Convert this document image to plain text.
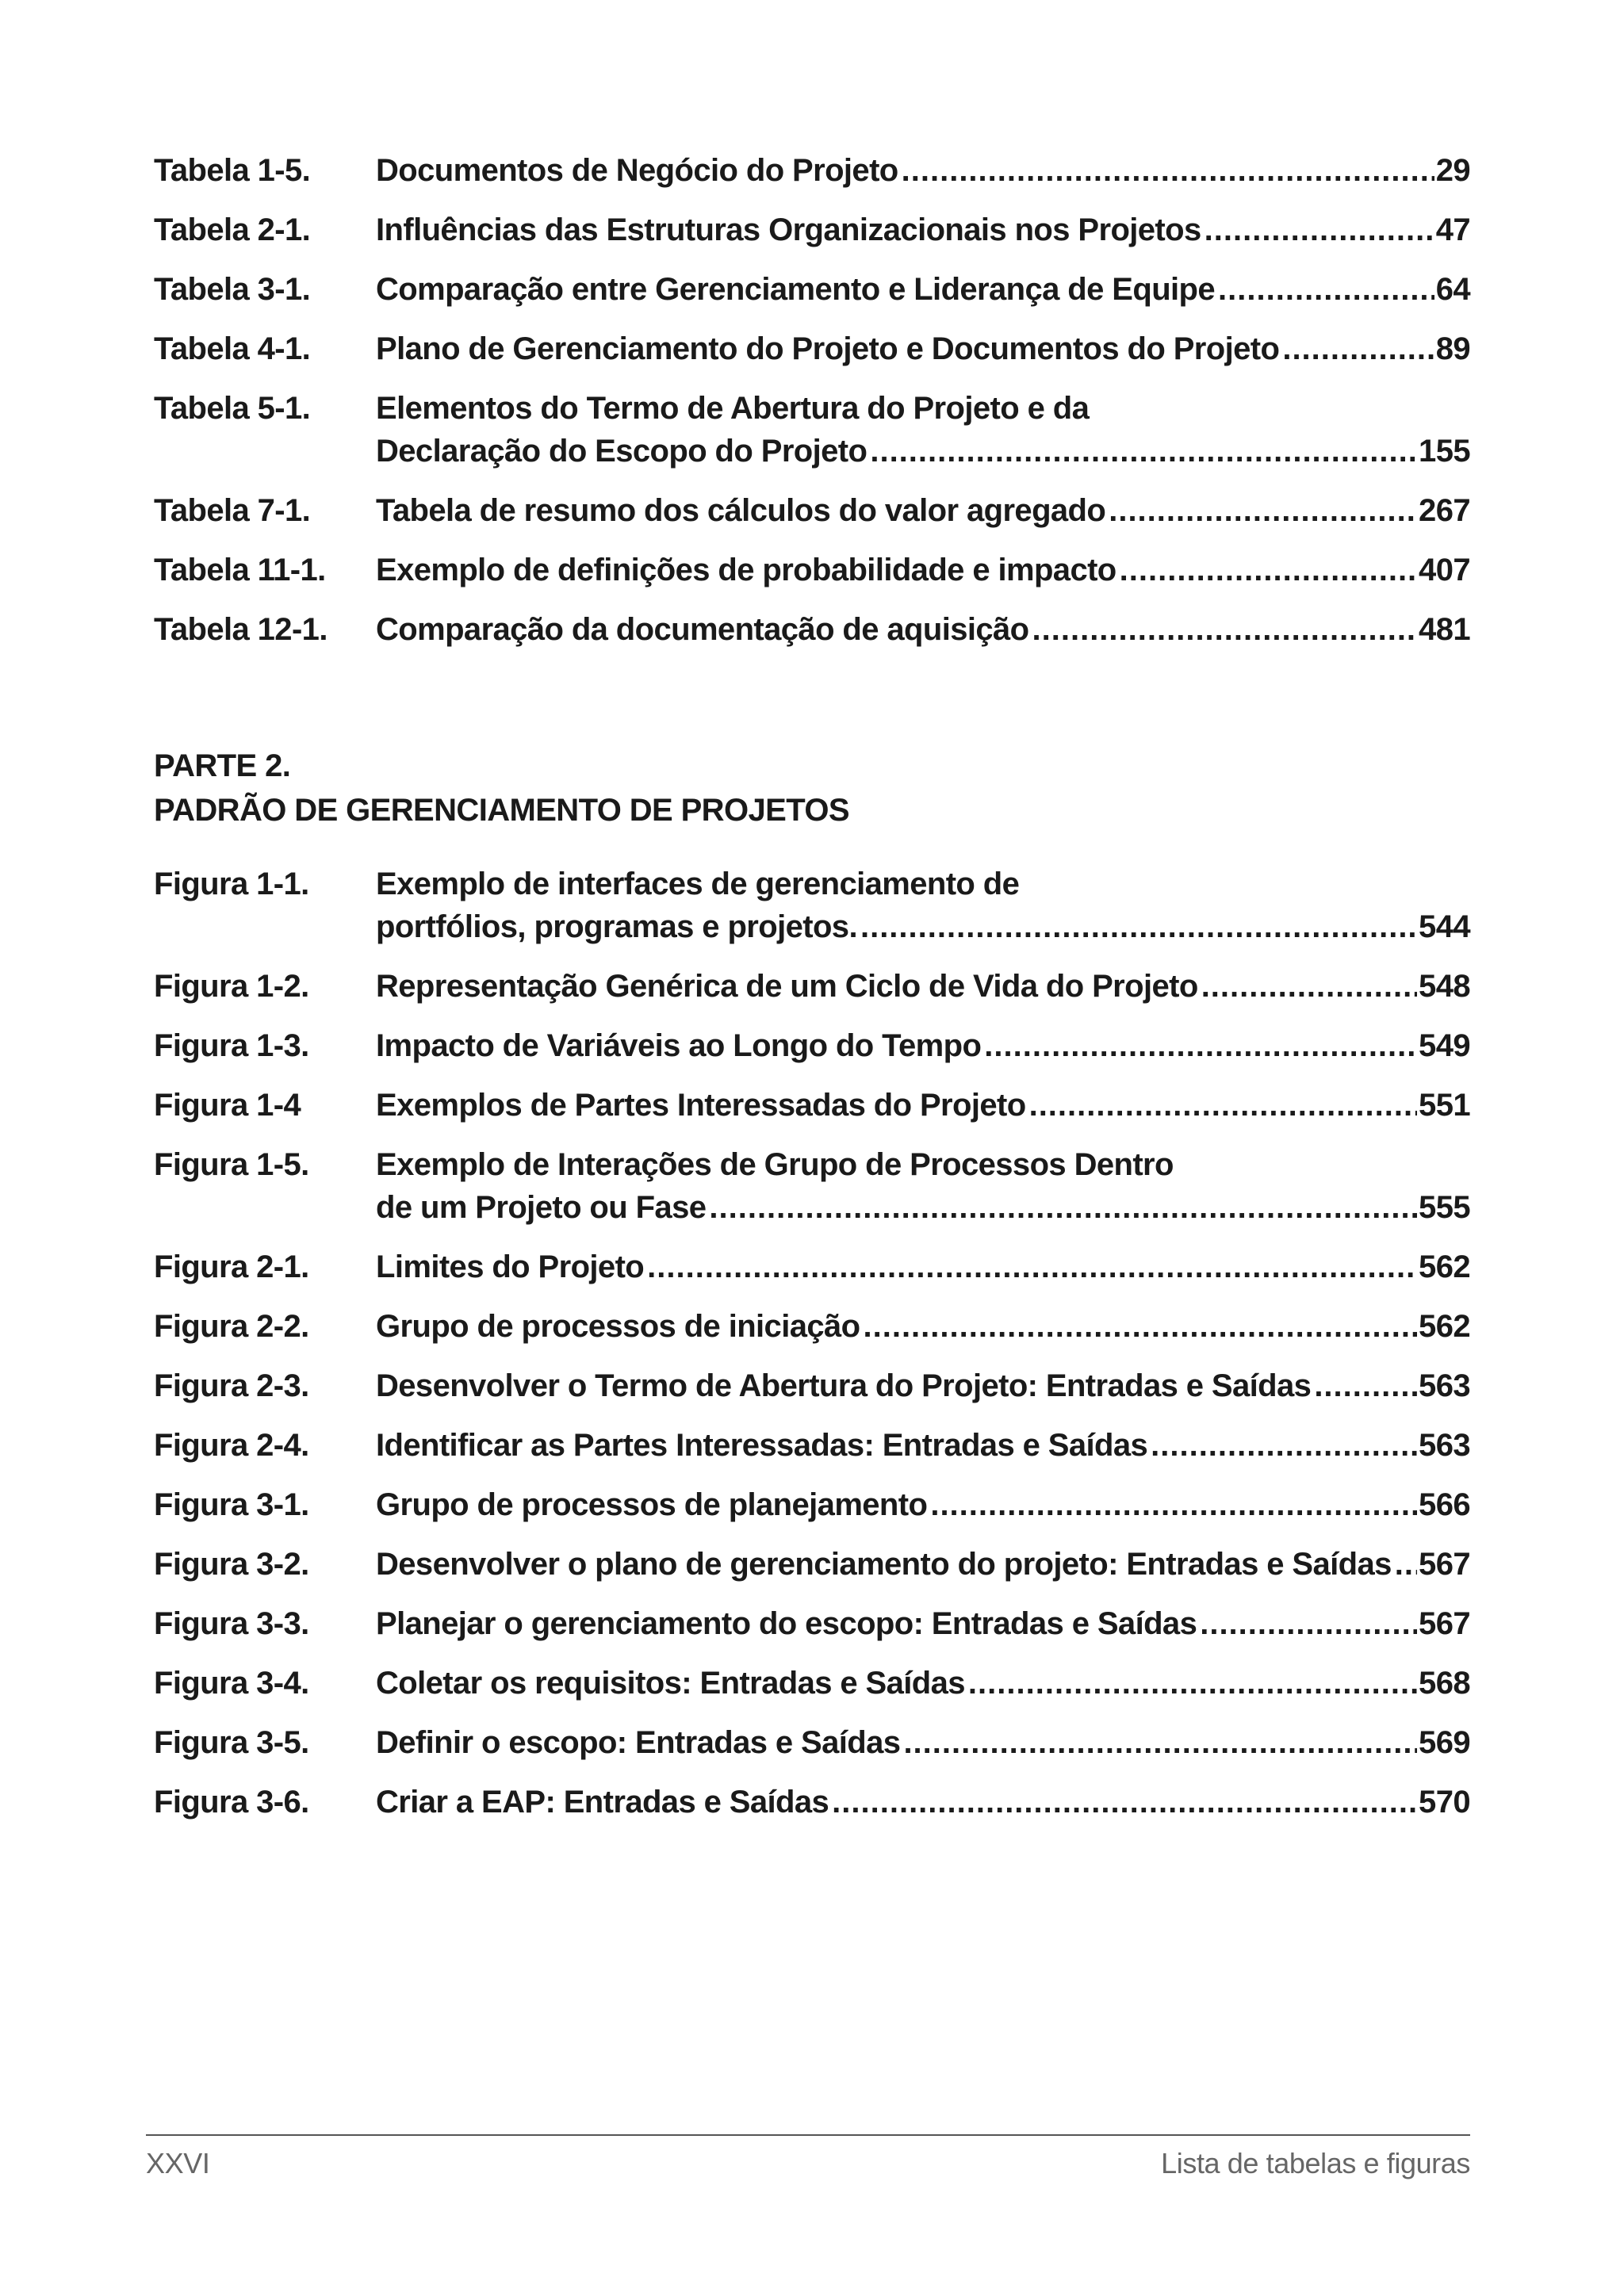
Tabela 1-5.	Documentos de Negócio do Projeto .....	29
Tabela 2-1.	Influências das Estruturas Organizacionais nos Projetos .....	47
Tabela 3-1.	Comparação entre Gerenciamento e Liderança de Equipe .....	64
Tabela 4-1.	Plano de Gerenciamento do Projeto e Documentos do Projeto .....	89
Tabela 5-1.	Elementos do Termo de Abertura do Projeto e da
Declaração do Escopo do Projeto .....	155
Tabela 7-1.	Tabela de resumo dos cálculos do valor agregado .....	267
Tabela 11-1.	Exemplo de definições de probabilidade e impacto .....	407
Tabela 12-1.	Comparação da documentação de aquisição .....	481
PARTE 2.
PADRÃO DE GERENCIAMENTO DE PROJETOS
Figura 1-1.	Exemplo de interfaces de gerenciamento de
portfólios, programas e projetos. .....	544
Figura 1-2.	Representação Genérica de um Ciclo de Vida do Projeto .....	548
Figura 1-3.	Impacto de Variáveis ao Longo do Tempo .....	549
Figura 1-4	Exemplos de Partes Interessadas do Projeto .....	551
Figura 1-5.	Exemplo de Interações de Grupo de Processos Dentro
de um Projeto ou Fase .....	555
Figura 2-1.	Limites do Projeto .....	562
Figura 2-2.	Grupo de processos de iniciação .....	562
Figura 2-3.	Desenvolver o Termo de Abertura do Projeto: Entradas e Saídas .....	563
Figura 2-4.	Identificar as Partes Interessadas: Entradas e Saídas .....	563
Figura 3-1.	Grupo de processos de planejamento .....	566
Figura 3-2.	Desenvolver o plano de gerenciamento do projeto: Entradas e Saídas ..... 567
Figura 3-3.	Planejar o gerenciamento do escopo: Entradas e Saídas .....	567
Figura 3-4.	Coletar os requisitos: Entradas e Saídas .....	568
Figura 3-5.	Definir o escopo: Entradas e Saídas .....	569
Figura 3-6.	Criar a EAP: Entradas e Saídas .....	570
XXVI	Lista de tabelas e figuras
